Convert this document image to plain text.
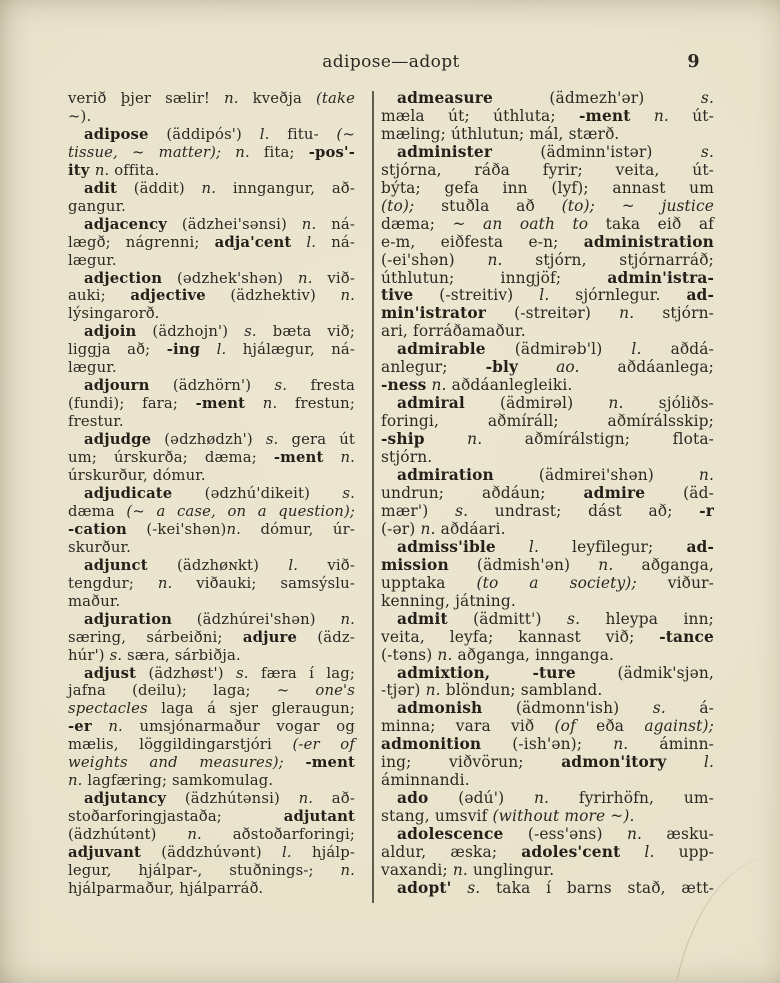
adipose—adopt	9
verið þjer sælir! n. kveðja (take
~).
adipose (äddipós') l. fitu- (~
tissue, ~ matter); n. fita; -pos'-
ity n. offita.
adit (äddit) n. inngangur, að-
gangur.
adjacency (ädzhei'sənsi) n. ná-
lægð; nágrenni; adja'cent l. ná-
lægur.
adjection (ədzhek'shən) n. við-
auki; adjective (ädzhektiv) n.
lýsingarorð.
adjoin (ädzhojn') s. bæta við;
liggja að; -ing l. hjálægur, ná-
lægur.
adjourn (ädzhörn') s. fresta
(fundi); fara; -ment n. frestun;
frestur.
adjudge (ədzhødzh') s. gera út
um; úrskurða; dæma; -ment n.
úrskurður, dómur.
adjudicate (ədzhú'dikeit) s.
dæma (~ a case, on a question);
-cation (-kei'shən)n. dómur, úr-
skurður.
adjunct (ädzhøɴkt) l. við-
tengdur; n. viðauki; samsýslu-
maður.
adjuration (ädzhúrei'shən) n.
særing, sárbeiðni; adjure (ädz-
húr') s. særa, sárbiðja.
adjust (ädzhøst') s. færa í lag;
jafna (deilu); laga; ~ one's
spectacles laga á sjer gleraugun;
-er n. umsjónarmaður vogar og
mælis, löggildingarstjóri (-er of
weights and measures); -ment
n. lagfæring; samkomulag.
adjutancy (ädzhútənsi) n. að-
stoðarforingjastaða; adjutant
(ädzhútənt) n. aðstoðarforingi;
adjuvant (äddzhúvənt) l. hjálp-
legur, hjálpar-, stuðnings-; n.
hjálparmaður, hjálparráð.
admeasure (ädmezh'ər) s.
mæla út; úthluta; -ment n. út-
mæling; úthlutun; mál, stærð.
administer (ädminn'istər) s.
stjórna, ráða fyrir; veita, út-
býta; gefa inn (lyf); annast um
(to); stuðla að (to); ~ justice
dæma; ~ an oath to taka eið af
e-m, eiðfesta e-n; administration
(-ei'shən) n. stjórn, stjórnarráð;
úthlutun; inngjöf; admin'istra-
tive (-streitiv) l. sjórnlegur. ad-
min'istrator (-streitər) n. stjórn-
ari, forráðamaður.
admirable (ädmirəb'l) l. aðdá-
anlegur; -bly ao. aðdáanlega;
-ness n. aðdáanlegleiki.
admiral (ädmirəl) n. sjóliðs-
foringi, aðmíráll; aðmírálsskip;
-ship	n. aðmírálstign; flota-
stjórn.
admiration (ädmirei'shən) n.
undrun; aðdáun; admire (äd-
mær') s. undrast; dást að; -r
(-ər) n. aðdáari.
admiss'ible l. leyfilegur; ad-
mission (ädmish'ən) n. aðganga,
upptaka (to a society); viður-
kenning, játning.
admit (ädmitt') s. hleypa inn;
veita, leyfa; kannast við; -tance
(-təns) n. aðganga, innganga.
admixtion, -ture (ädmik'sjən,
-tjər) n. blöndun; sambland.
admonish (ädmonn'ish) s. á-
minna; vara við (of eða against);
admonition (-ish'ən); n. áminn-
ing; viðvörun; admon'itory l.
áminnandi.
ado (ədú') n. fyrirhöfn, um-
stang, umsvif (without more ~).
adolescence (-ess'əns) n. æsku-
aldur, æska; adoles'cent l. upp-
vaxandi; n. unglingur.
adopt' s. taka í barns stað, ætt-
